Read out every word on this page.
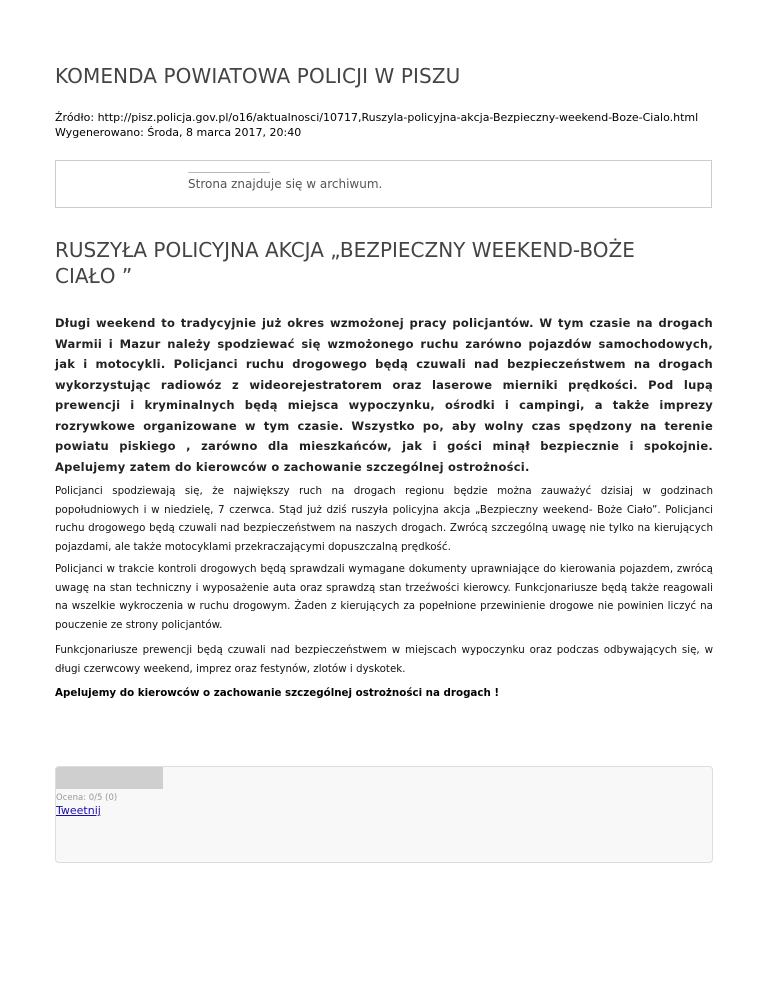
KOMENDA POWIATOWA POLICJI W PISZU
Źródło: http://pisz.policja.gov.pl/o16/aktualnosci/10717,Ruszyla-policyjna-akcja-Bezpieczny-weekend-Boze-Cialo.html
Wygenerowano: Środa, 8 marca 2017, 20:40
Strona znajduje się w archiwum.
RUSZYŁA POLICYJNA AKCJA „BEZPIECZNY WEEKEND-BOŻE CIAŁO ”

Długi weekend to tradycyjnie już okres wzmożonej pracy policjantów. W tym czasie na drogach Warmii i Mazur należy spodziewać się wzmożonego ruchu zarówno pojazdów samochodowych, jak i motocykli. Policjanci ruchu drogowego będą czuwali nad bezpieczeństwem na drogach wykorzystując radiowóz z wideorejestratorem oraz laserowe mierniki prędkości. Pod lupą prewencji i kryminalnych będą miejsca wypoczynku, ośrodki i campingi, a także imprezy rozrywkowe organizowane w tym czasie. Wszystko po, aby wolny czas spędzony na terenie powiatu piskiego , zarówno dla mieszkańców, jak i gości minął bezpiecznie i spokojnie. Apelujemy zatem do kierowców o zachowanie szczególnej ostrożności.

Policjanci spodziewają się, że największy ruch na drogach regionu będzie można zauważyć dzisiaj w godzinach popołudniowych i w niedzielę, 7 czerwca. Stąd już dziś ruszyła policyjna akcja „Bezpieczny weekend- Boże Ciało”. Policjanci ruchu drogowego będą czuwali nad bezpieczeństwem na naszych drogach. Zwrócą szczególną uwagę nie tylko na kierujących pojazdami, ale także motocyklami przekraczającymi dopuszczalną prędkość.

Policjanci w trakcie kontroli drogowych będą sprawdzali wymagane dokumenty uprawniające do kierowania pojazdem, zwrócą uwagę na stan techniczny i wyposażenie auta oraz sprawdzą stan trzeźwości kierowcy. Funkcjonariusze będą także reagowali na wszelkie wykroczenia w ruchu drogowym. Żaden z kierujących za popełnione przewinienie drogowe nie powinien liczyć na pouczenie ze strony policjantów.

Funkcjonariusze prewencji będą czuwali nad bezpieczeństwem w miejscach wypoczynku oraz podczas odbywających się, w długi czerwcowy weekend, imprez oraz festynów, zlotów i dyskotek.

Apelujemy do kierowców o zachowanie szczególnej ostrożności na drogach !

Ocena: 0/5 (0)
Tweetnij
